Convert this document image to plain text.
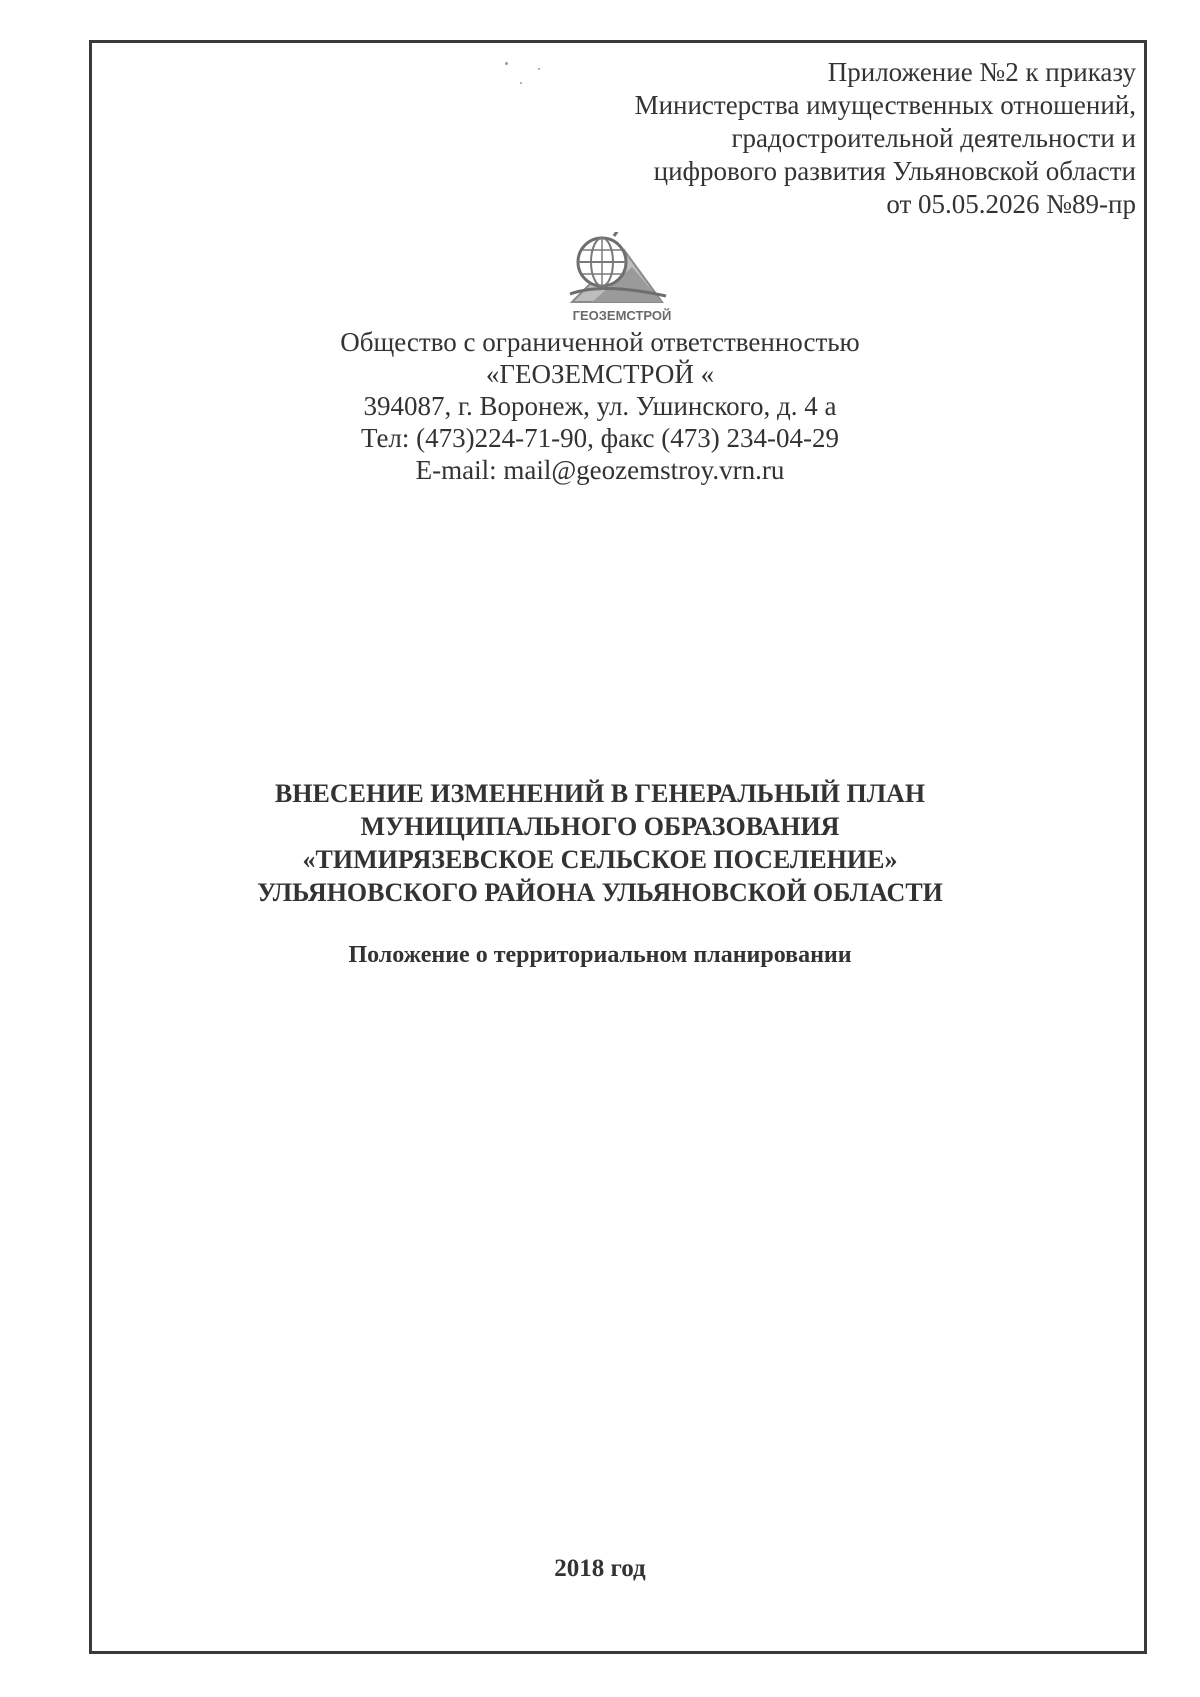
Приложение №2 к приказу
Министерства имущественных отношений,
градостроительной деятельности и
цифрового развития Ульяновской области
от 05.05.2026 №89-пр
ГЕОЗЕМСТРОЙ
Общество с ограниченной ответственностью
«ГЕОЗЕМСТРОЙ «
394087, г. Воронеж, ул. Ушинского, д. 4 а
Тел: (473)224-71-90, факс (473) 234-04-29
E-mail: mail@geozemstroy.vrn.ru
ВНЕСЕНИЕ ИЗМЕНЕНИЙ В ГЕНЕРАЛЬНЫЙ ПЛАН
МУНИЦИПАЛЬНОГО ОБРАЗОВАНИЯ
«ТИМИРЯЗЕВСКОЕ СЕЛЬСКОЕ ПОСЕЛЕНИЕ»
УЛЬЯНОВСКОГО РАЙОНА УЛЬЯНОВСКОЙ ОБЛАСТИ
Положение о территориальном планировании
2018 год
